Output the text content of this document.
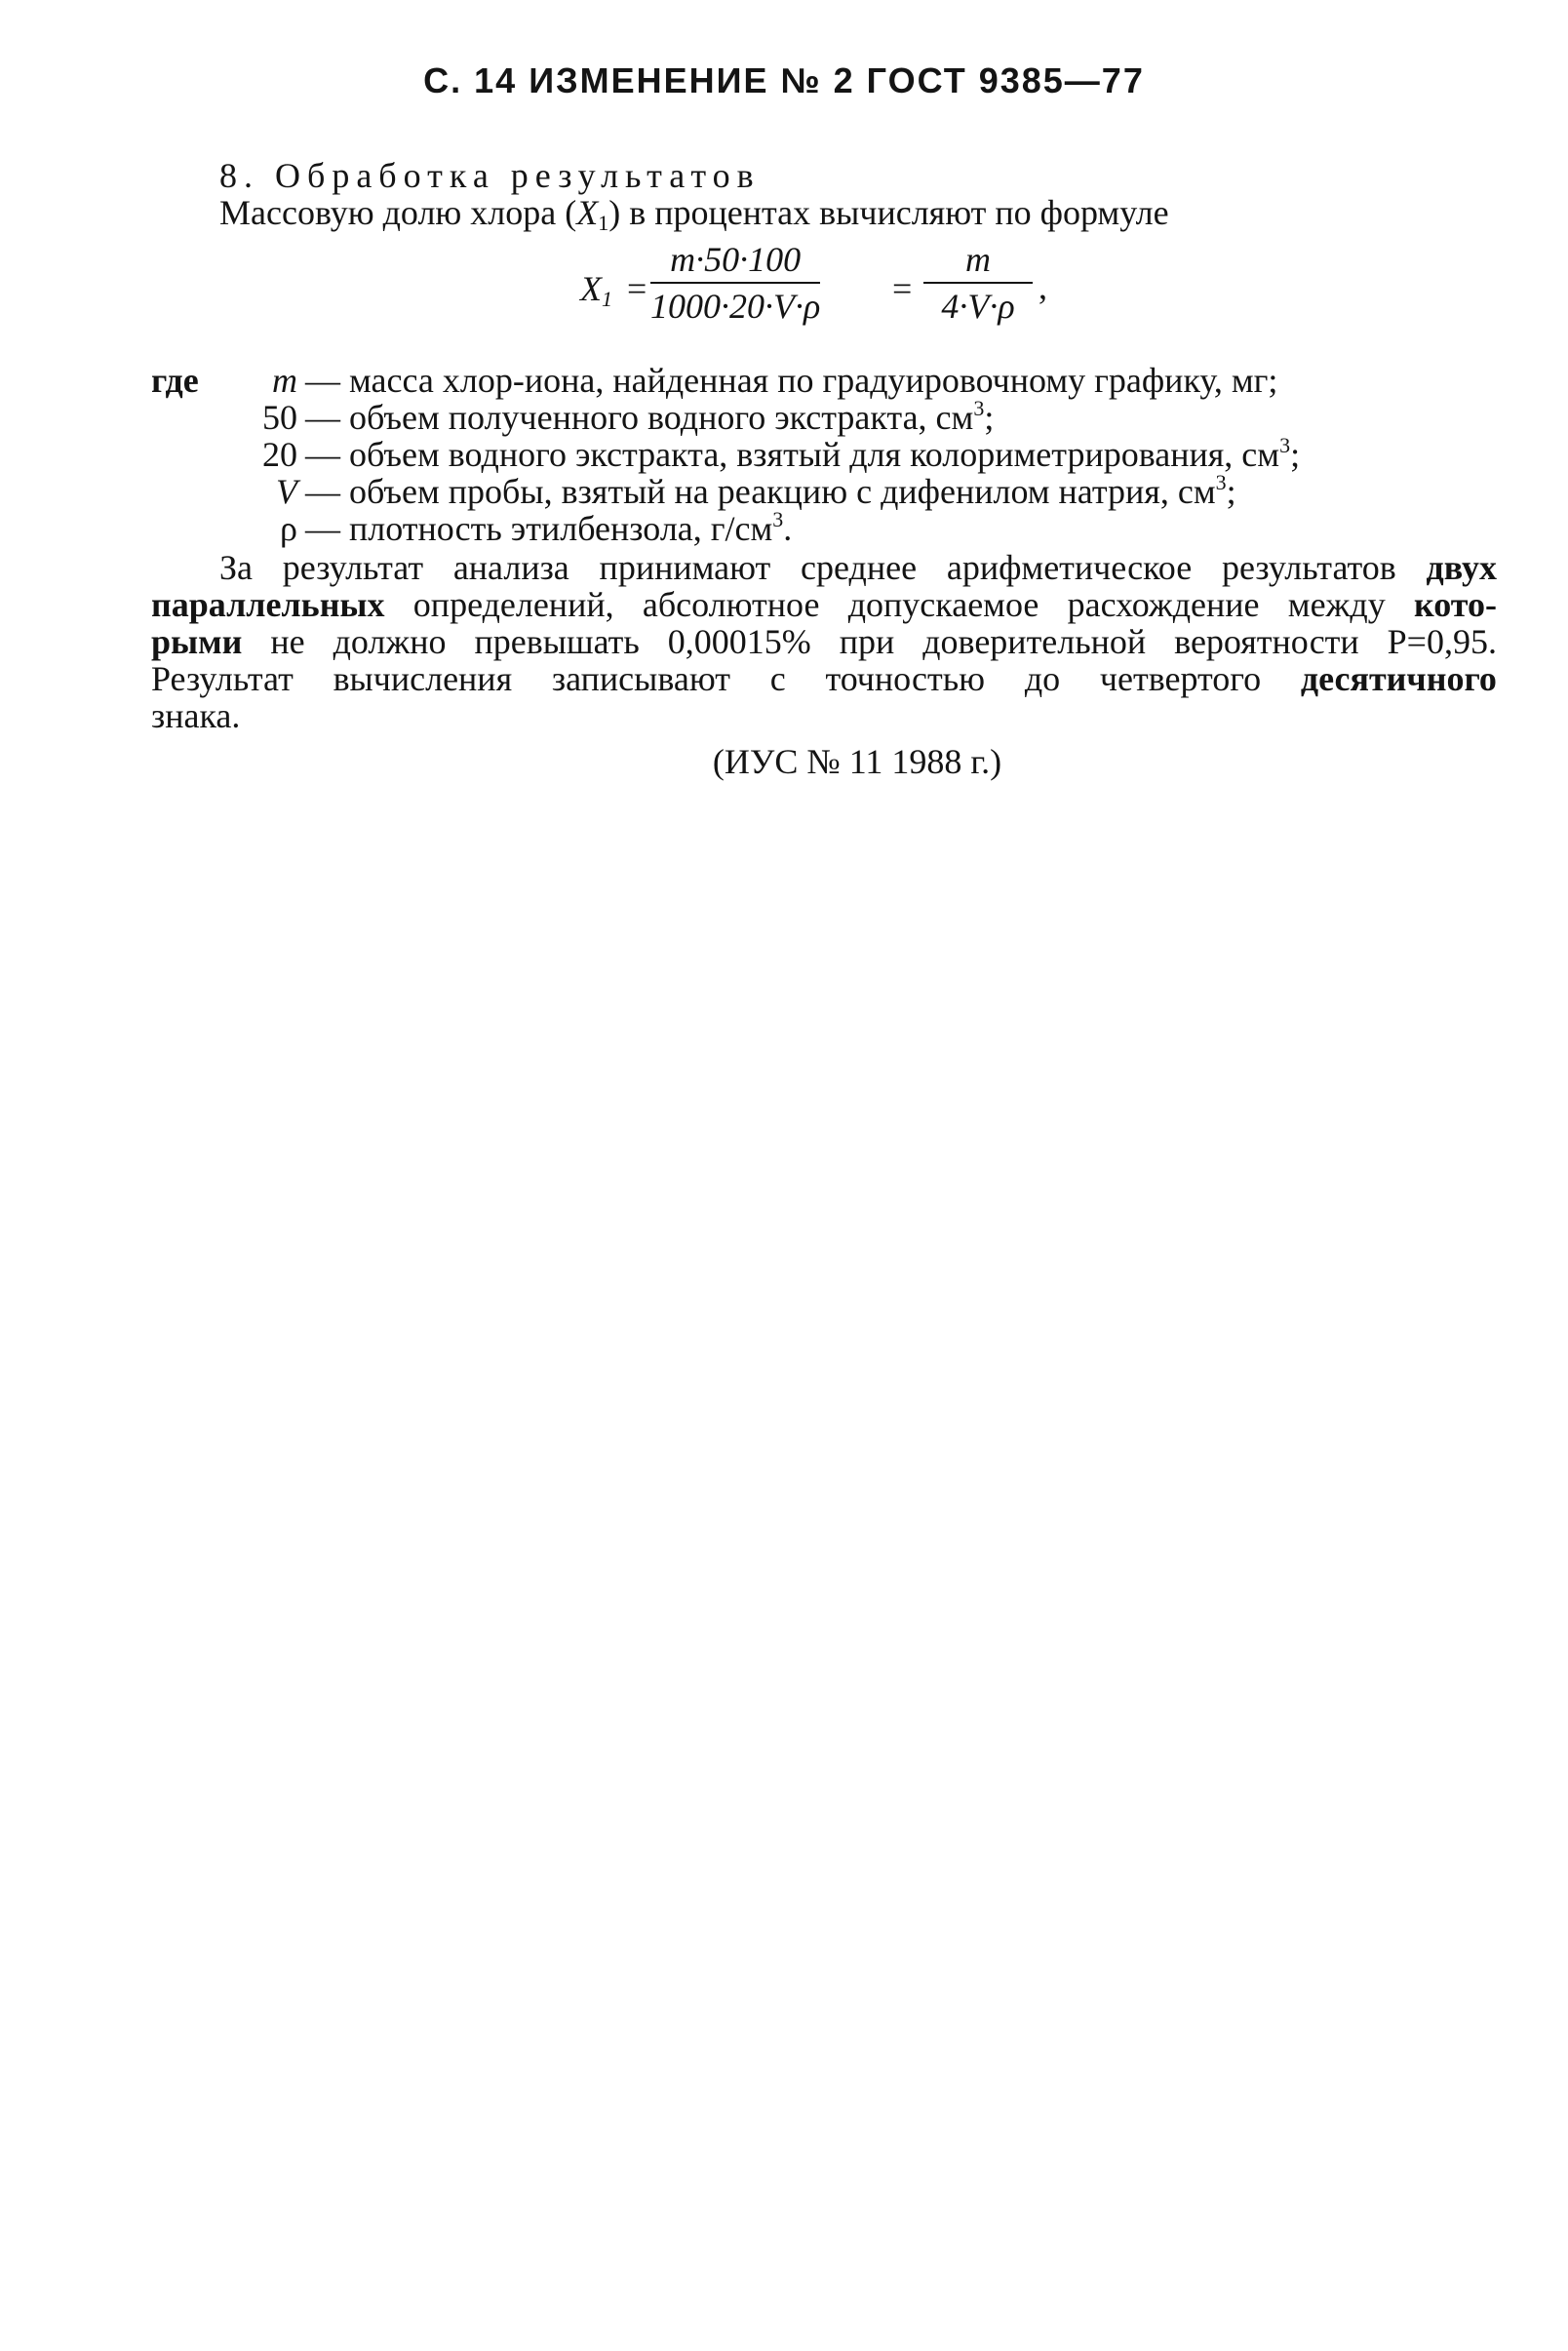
С. 14 ИЗМЕНЕНИЕ № 2 ГОСТ 9385—77
8. Обработка результатов
Массовую долю хлора $(X_1)$ в процентах вычисляют по формуле
$X_1 = \frac{m\cdot 50\cdot 100}{1000\cdot 20\cdot V\cdot\rho} = \frac{m}{4\cdot V\cdot\rho}$ ,
где	m — масса хлор-иона, найденная по градуировочному графику, мг;
50 — объем полученного водного экстракта, $см^3$;
20 — объем водного экстракта, взятый для колориметрирования, $см^3$;
V — объем пробы, взятый на реакцию с дифенилом натрия, $см^3$;
ρ — плотность этилбензола, $г/см^3$.
За результат анализа принимают среднее арифметическое результатов двух
параллельных определений, абсолютное допускаемое расхождение между кото-
рыми не должно превышать 0,00015% при доверительной вероятности P=0,95.
Результат вычисления записывают с точностью до четвертого десятичного
знака.
(ИУС № 11 1988 г.)
